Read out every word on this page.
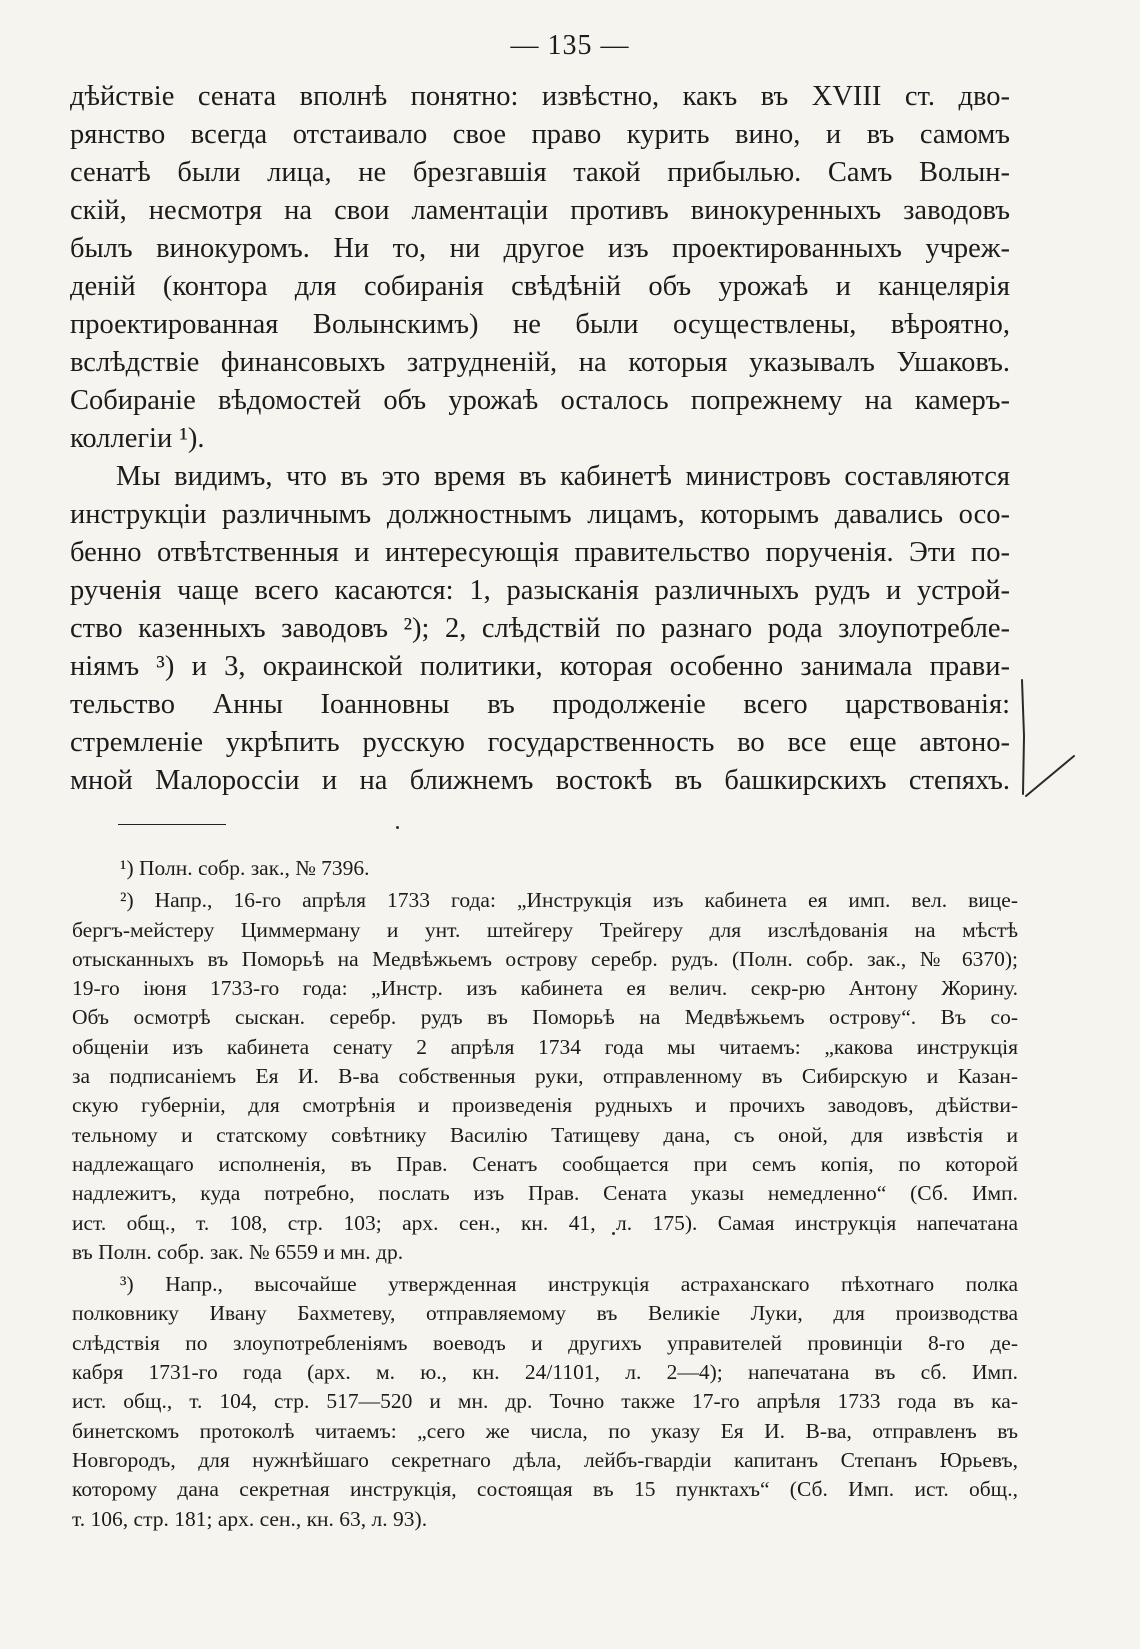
— 135 —
дѣйствіе сената вполнѣ понятно: извѣстно, какъ въ XVIII ст. дво-
рянство всегда отстаивало свое право курить вино, и въ самомъ
сенатѣ были лица, не брезгавшія такой прибылью. Самъ Волын-
скій, несмотря на свои ламентаціи противъ винокуренныхъ заводовъ
былъ винокуромъ. Ни то, ни другое изъ проектированныхъ учреж-
деній (контора для собиранія свѣдѣній объ урожаѣ и канцелярія
проектированная Волынскимъ) не были осуществлены, вѣроятно,
вслѣдствіе финансовыхъ затрудненій, на которыя указывалъ Ушаковъ.
Собираніе вѣдомостей объ урожаѣ осталось попрежнему на камеръ-
коллегіи ¹).
Мы видимъ, что въ это время въ кабинетѣ министровъ составляются
инструкціи различнымъ должностнымъ лицамъ, которымъ давались осо-
бенно отвѣтственныя и интересующія правительство порученія. Эти по-
рученія чаще всего касаются: 1, разысканія различныхъ рудъ и устрой-
ство казенныхъ заводовъ ²); 2, слѣдствій по разнаго рода злоупотребле-
ніямъ ³) и 3, окраинской политики, которая особенно занимала прави-
тельство Анны Іоанновны въ продолженіе всего царствованія:
стремленіе укрѣпить русскую государственность во все еще автоно-
мной Малороссіи и на ближнемъ востокѣ въ башкирскихъ степяхъ.
¹) Полн. собр. зак., № 7396.
²) Напр., 16-го апрѣля 1733 года: „Инструкція изъ кабинета ея имп. вел. вице-
бергъ-мейстеру Циммерману и унт. штейгеру Трейгеру для изслѣдованія на мѣстѣ
отысканныхъ въ Поморьѣ на Медвѣжьемъ острову серебр. рудъ. (Полн. собр. зак., № 6370);
19-го іюня 1733-го года: „Инстр. изъ кабинета ея велич. секр-рю Антону Жорину.
Объ осмотрѣ сыскан. серебр. рудъ въ Поморьѣ на Медвѣжьемъ острову“. Въ со-
общеніи изъ кабинета сенату 2 апрѣля 1734 года мы читаемъ: „какова инструкція
за подписаніемъ Ея И. В-ва собственныя руки, отправленному въ Сибирскую и Казан-
скую губерніи, для смотрѣнія и произведенія рудныхъ и прочихъ заводовъ, дѣйстви-
тельному и статскому совѣтнику Василію Татищеву дана, съ оной, для извѣстія и
надлежащаго исполненія, въ Прав. Сенатъ сообщается при семъ копія, по которой
надлежитъ, куда потребно, послать изъ Прав. Сената указы немедленно“ (Сб. Имп.
ист. общ., т. 108, стр. 103; арх. сен., кн. 41, л. 175). Самая инструкція напечатана
въ Полн. собр. зак. № 6559 и мн. др.
³) Напр., высочайше утвержденная инструкція астраханскаго пѣхотнаго полка
полковнику Ивану Бахметеву, отправляемому въ Великіе Луки, для производства
слѣдствія по злоупотребленіямъ воеводъ и другихъ управителей провинціи 8-го де-
кабря 1731-го года (арх. м. ю., кн. 24/1101, л. 2—4); напечатана въ сб. Имп.
ист. общ., т. 104, стр. 517—520 и мн. др. Точно также 17-го апрѣля 1733 года въ ка-
бинетскомъ протоколѣ читаемъ: „сего же числа, по указу Ея И. В-ва, отправленъ въ
Новгородъ, для нужнѣйшаго секретнаго дѣла, лейбъ-гвардіи капитанъ Степанъ Юрьевъ,
которому дана секретная инструкція, состоящая въ 15 пунктахъ“ (Сб. Имп. ист. общ.,
т. 106, стр. 181; арх. сен., кн. 63, л. 93).
